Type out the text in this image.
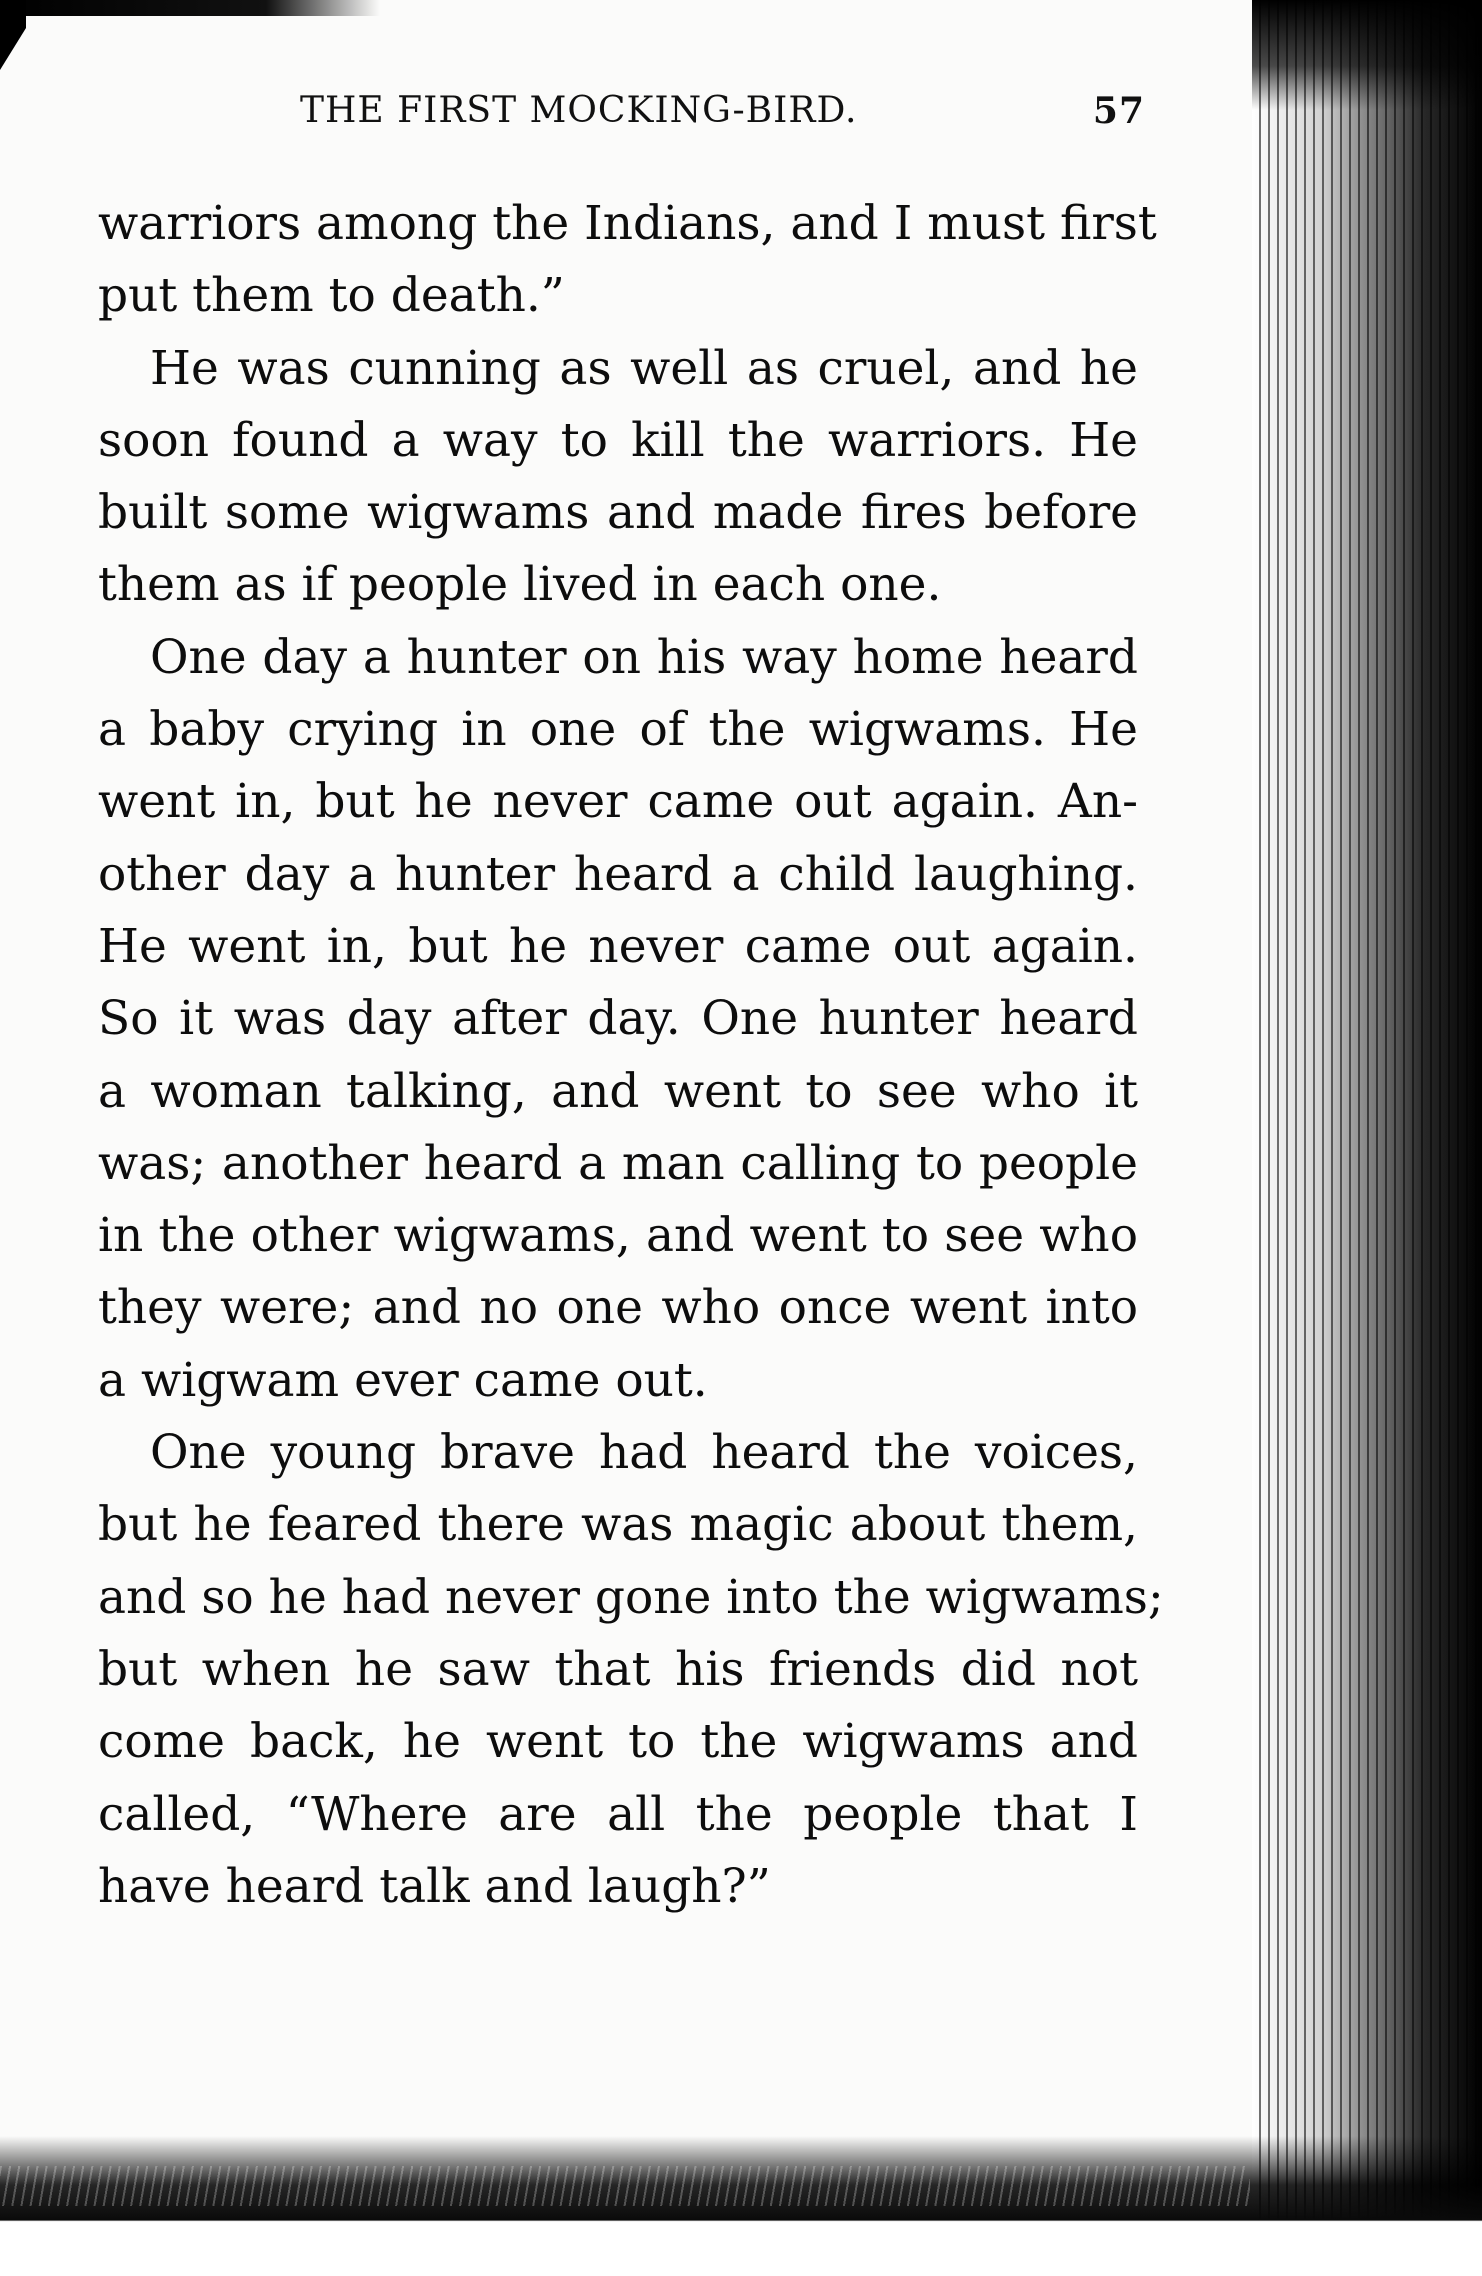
THE FIRST MOCKING-BIRD.	57
warriors among the Indians, and I must first
put them to death.”
He was cunning as well as cruel, and he
soon found a way to kill the warriors. He
built some wigwams and made fires before
them as if people lived in each one.
One day a hunter on his way home heard
a baby crying in one of the wigwams. He
went in, but he never came out again. An-
other day a hunter heard a child laughing.
He went in, but he never came out again.
So it was day after day. One hunter heard
a woman talking, and went to see who it
was; another heard a man calling to people
in the other wigwams, and went to see who
they were; and no one who once went into
a wigwam ever came out.
One young brave had heard the voices,
but he feared there was magic about them,
and so he had never gone into the wigwams;
but when he saw that his friends did not
come back, he went to the wigwams and
called, “Where are all the people that I
have heard talk and laugh?”
